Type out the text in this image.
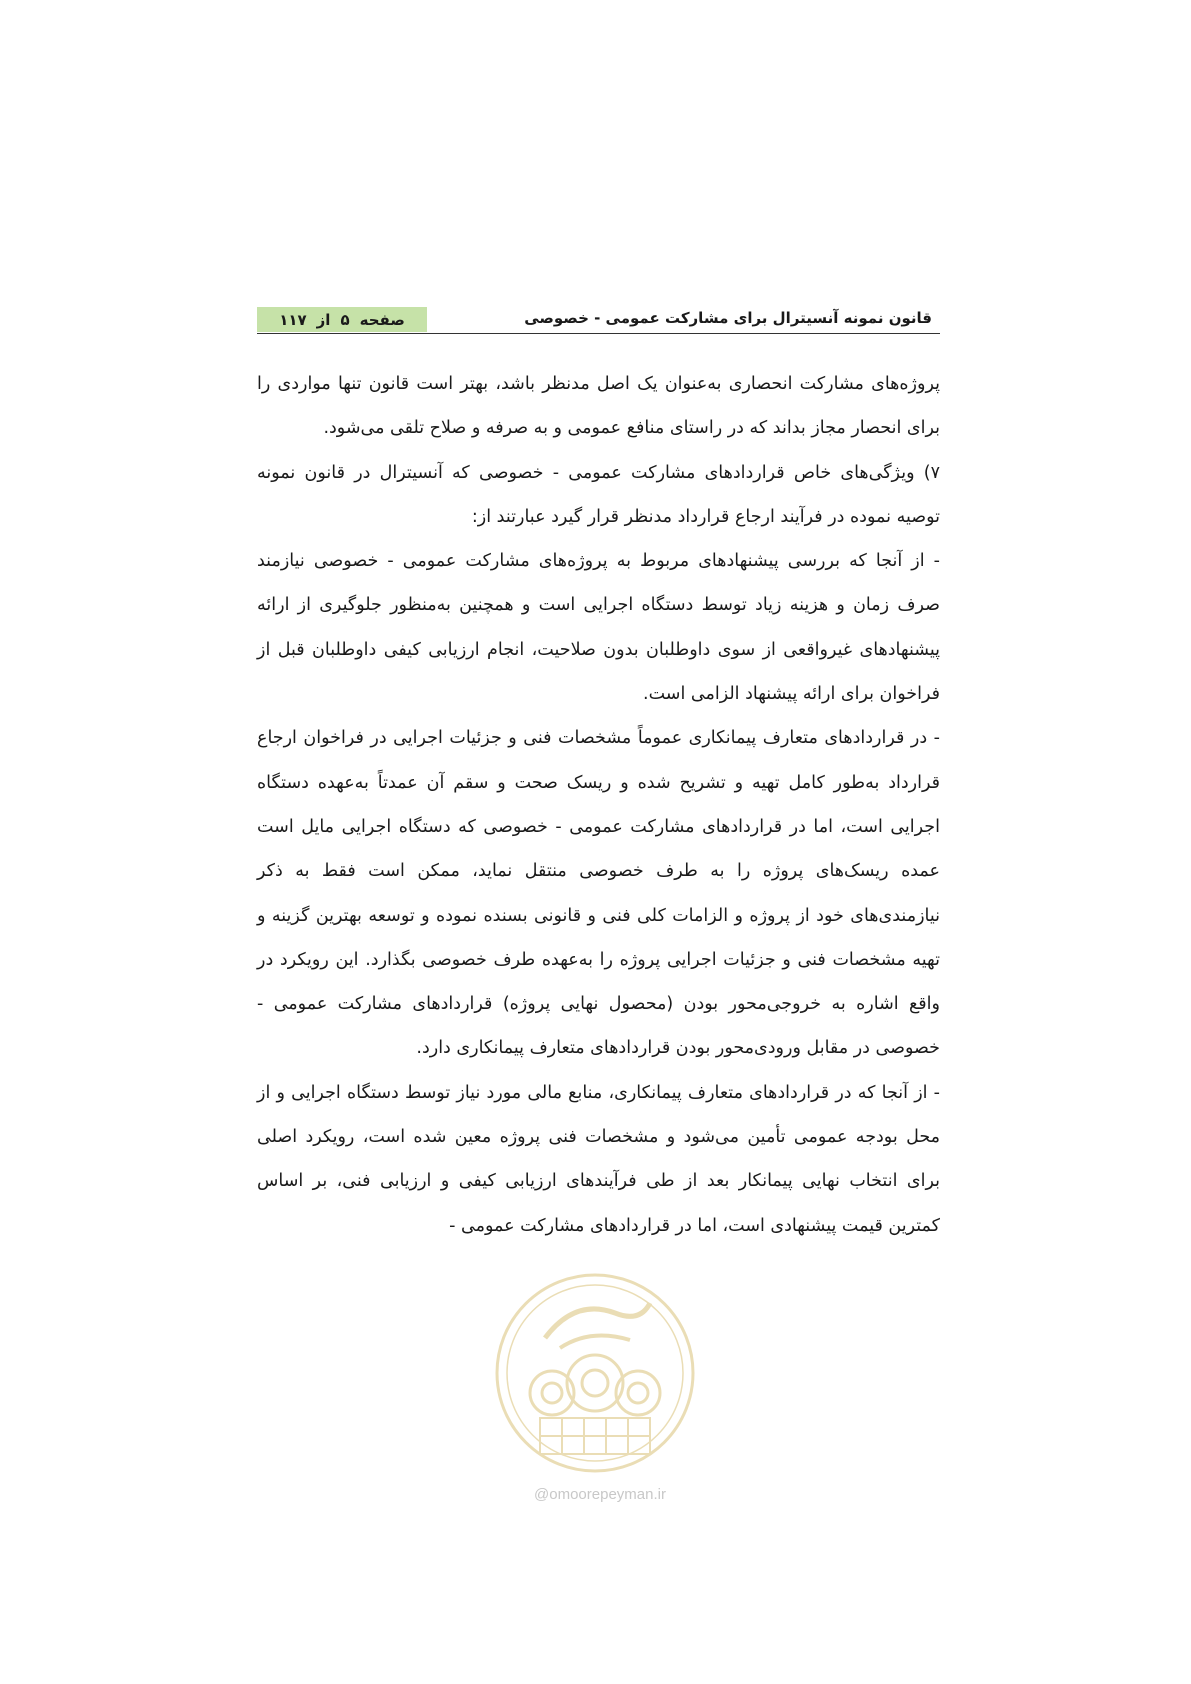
قانون نمونه آنسیترال برای مشارکت عمومی - خصوصی
صفحه
۵
از
۱۱۷

پروژه‌های مشارکت انحصاری به‌عنوان یک اصل مدنظر باشد، بهتر است قانون تنها مواردی را برای انحصار مجاز بداند که در راستای منافع عمومی و به صرفه و صلاح تلقی می‌شود.

۷) ویژگی‌های خاص قراردادهای مشارکت عمومی - خصوصی که آنسیترال در قانون نمونه توصیه نموده در فرآیند ارجاع قرارداد مدنظر قرار گیرد عبارتند از:

- از آنجا که بررسی پیشنهادهای مربوط به پروژه‌های مشارکت عمومی - خصوصی نیازمند صرف زمان و هزینه زیاد توسط دستگاه اجرایی است و همچنین به‌منظور جلوگیری از ارائه پیشنهادهای غیرواقعی از سوی داوطلبان بدون صلاحیت، انجام ارزیابی کیفی داوطلبان قبل از فراخوان برای ارائه پیشنهاد الزامی است.

- در قراردادهای متعارف پیمانکاری عموماً مشخصات فنی و جزئیات اجرایی در فراخوان ارجاع قرارداد به‌طور کامل تهیه و تشریح شده و ریسک صحت و سقم آن عمدتاً به‌عهده دستگاه اجرایی است، اما در قراردادهای مشارکت عمومی - خصوصی که دستگاه اجرایی مایل است عمده ریسک‌های پروژه را به طرف خصوصی منتقل نماید، ممکن است فقط به ذکر نیازمندی‌های خود از پروژه و الزامات کلی فنی و قانونی بسنده نموده و توسعه بهترین گزینه و تهیه مشخصات فنی و جزئیات اجرایی پروژه را به‌عهده طرف خصوصی بگذارد. این رویکرد در واقع اشاره به خروجی‌محور بودن (محصول نهایی پروژه) قراردادهای مشارکت عمومی - خصوصی در مقابل ورودی‌محور بودن قراردادهای متعارف پیمانکاری دارد.

- از آنجا که در قراردادهای متعارف پیمانکاری، منابع مالی مورد نیاز توسط دستگاه اجرایی و از محل بودجه عمومی تأمین می‌شود و مشخصات فنی پروژه معین شده است، رویکرد اصلی برای انتخاب نهایی پیمانکار بعد از طی فرآیندهای ارزیابی کیفی و ارزیابی فنی، بر اساس کمترین قیمت پیشنهادی است، اما در قراردادهای مشارکت عمومی -

@omoorepeyman.ir
